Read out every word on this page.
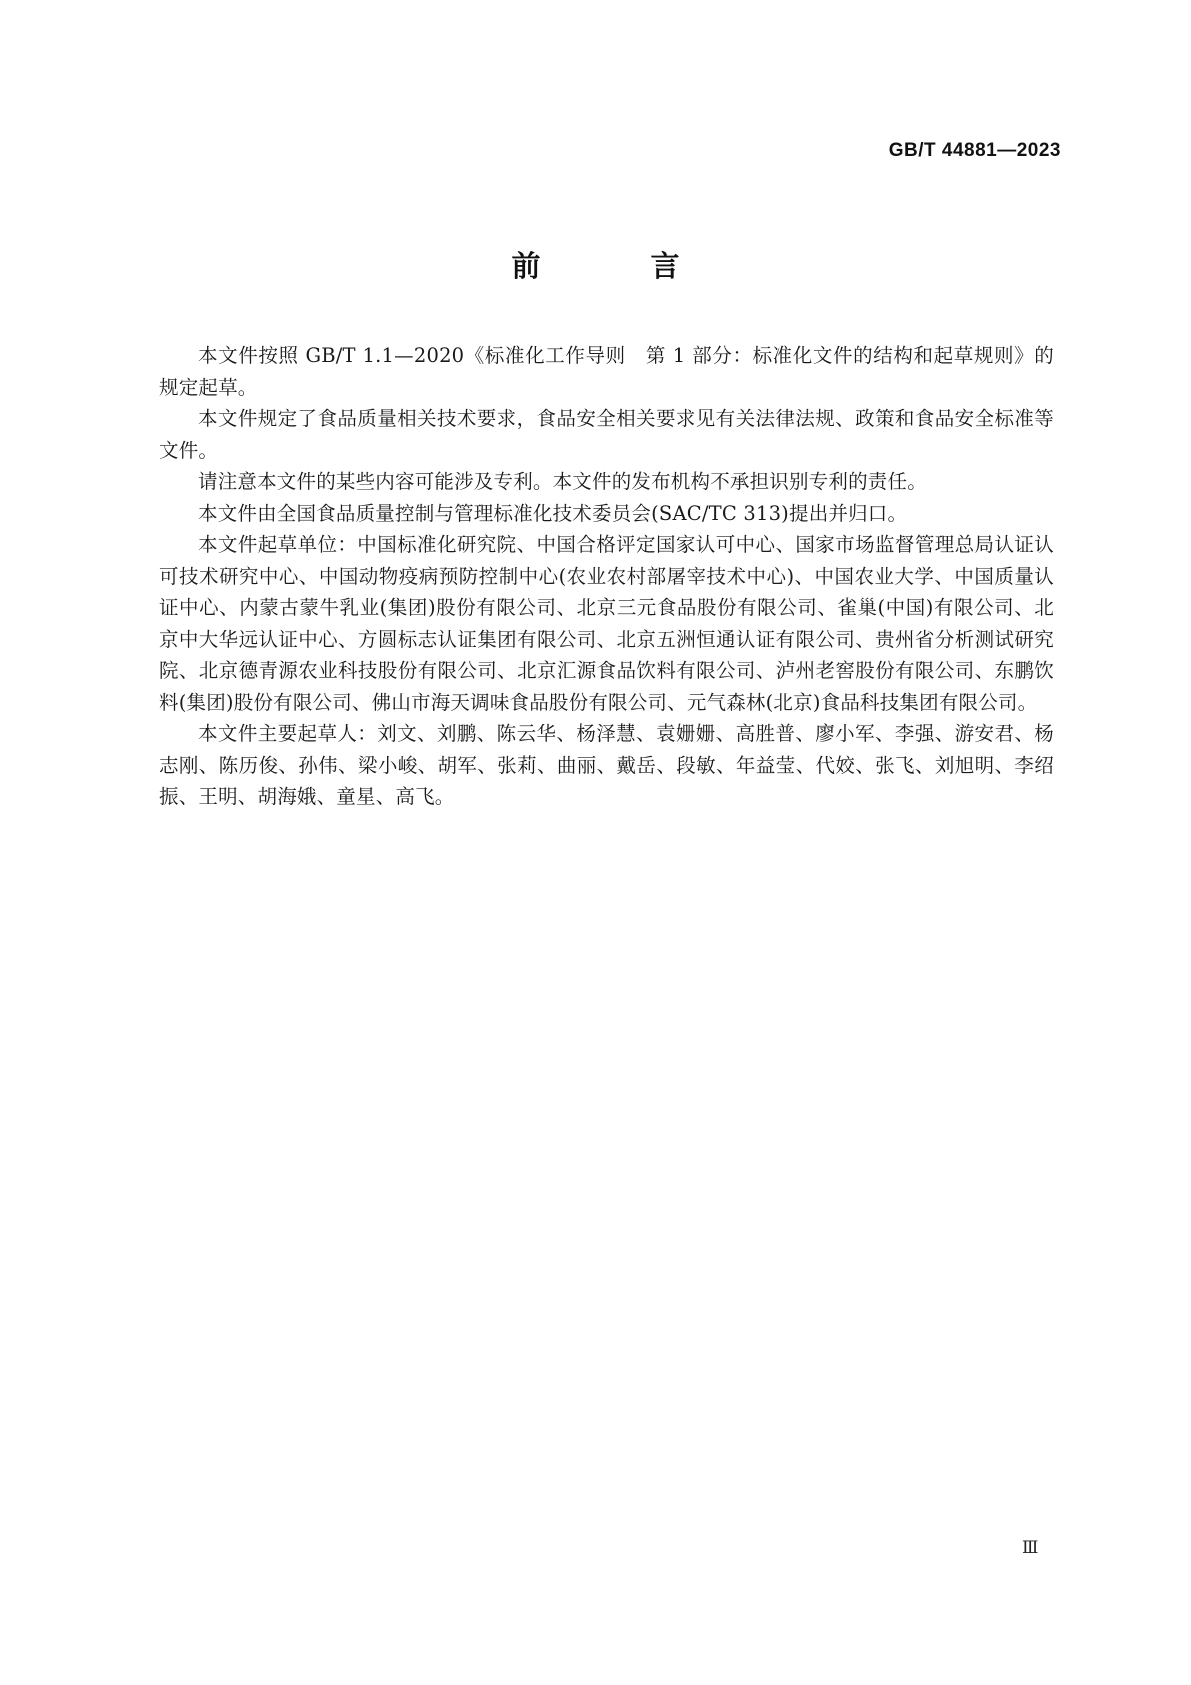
GB/T 44881—2023
前 言

本文件按照 GB/T 1.1—2020《标准化工作导则　第 1 部分：标准化文件的结构和起草规则》的规定起草。

本文件规定了食品质量相关技术要求，食品安全相关要求见有关法律法规、政策和食品安全标准等文件。

请注意本文件的某些内容可能涉及专利。本文件的发布机构不承担识别专利的责任。

本文件由全国食品质量控制与管理标准化技术委员会(SAC/TC 313)提出并归口。

本文件起草单位：中国标准化研究院、中国合格评定国家认可中心、国家市场监督管理总局认证认可技术研究中心、中国动物疫病预防控制中心(农业农村部屠宰技术中心)、中国农业大学、中国质量认证中心、内蒙古蒙牛乳业(集团)股份有限公司、北京三元食品股份有限公司、雀巢(中国)有限公司、北京中大华远认证中心、方圆标志认证集团有限公司、北京五洲恒通认证有限公司、贵州省分析测试研究院、北京德青源农业科技股份有限公司、北京汇源食品饮料有限公司、泸州老窖股份有限公司、东鹏饮料(集团)股份有限公司、佛山市海天调味食品股份有限公司、元气森林(北京)食品科技集团有限公司。

本文件主要起草人：刘文、刘鹏、陈云华、杨泽慧、袁姗姗、高胜普、廖小军、李强、游安君、杨志刚、陈历俊、孙伟、梁小峻、胡军、张莉、曲丽、戴岳、段敏、年益莹、代姣、张飞、刘旭明、李绍振、王明、胡海娥、童星、高飞。

Ⅲ
